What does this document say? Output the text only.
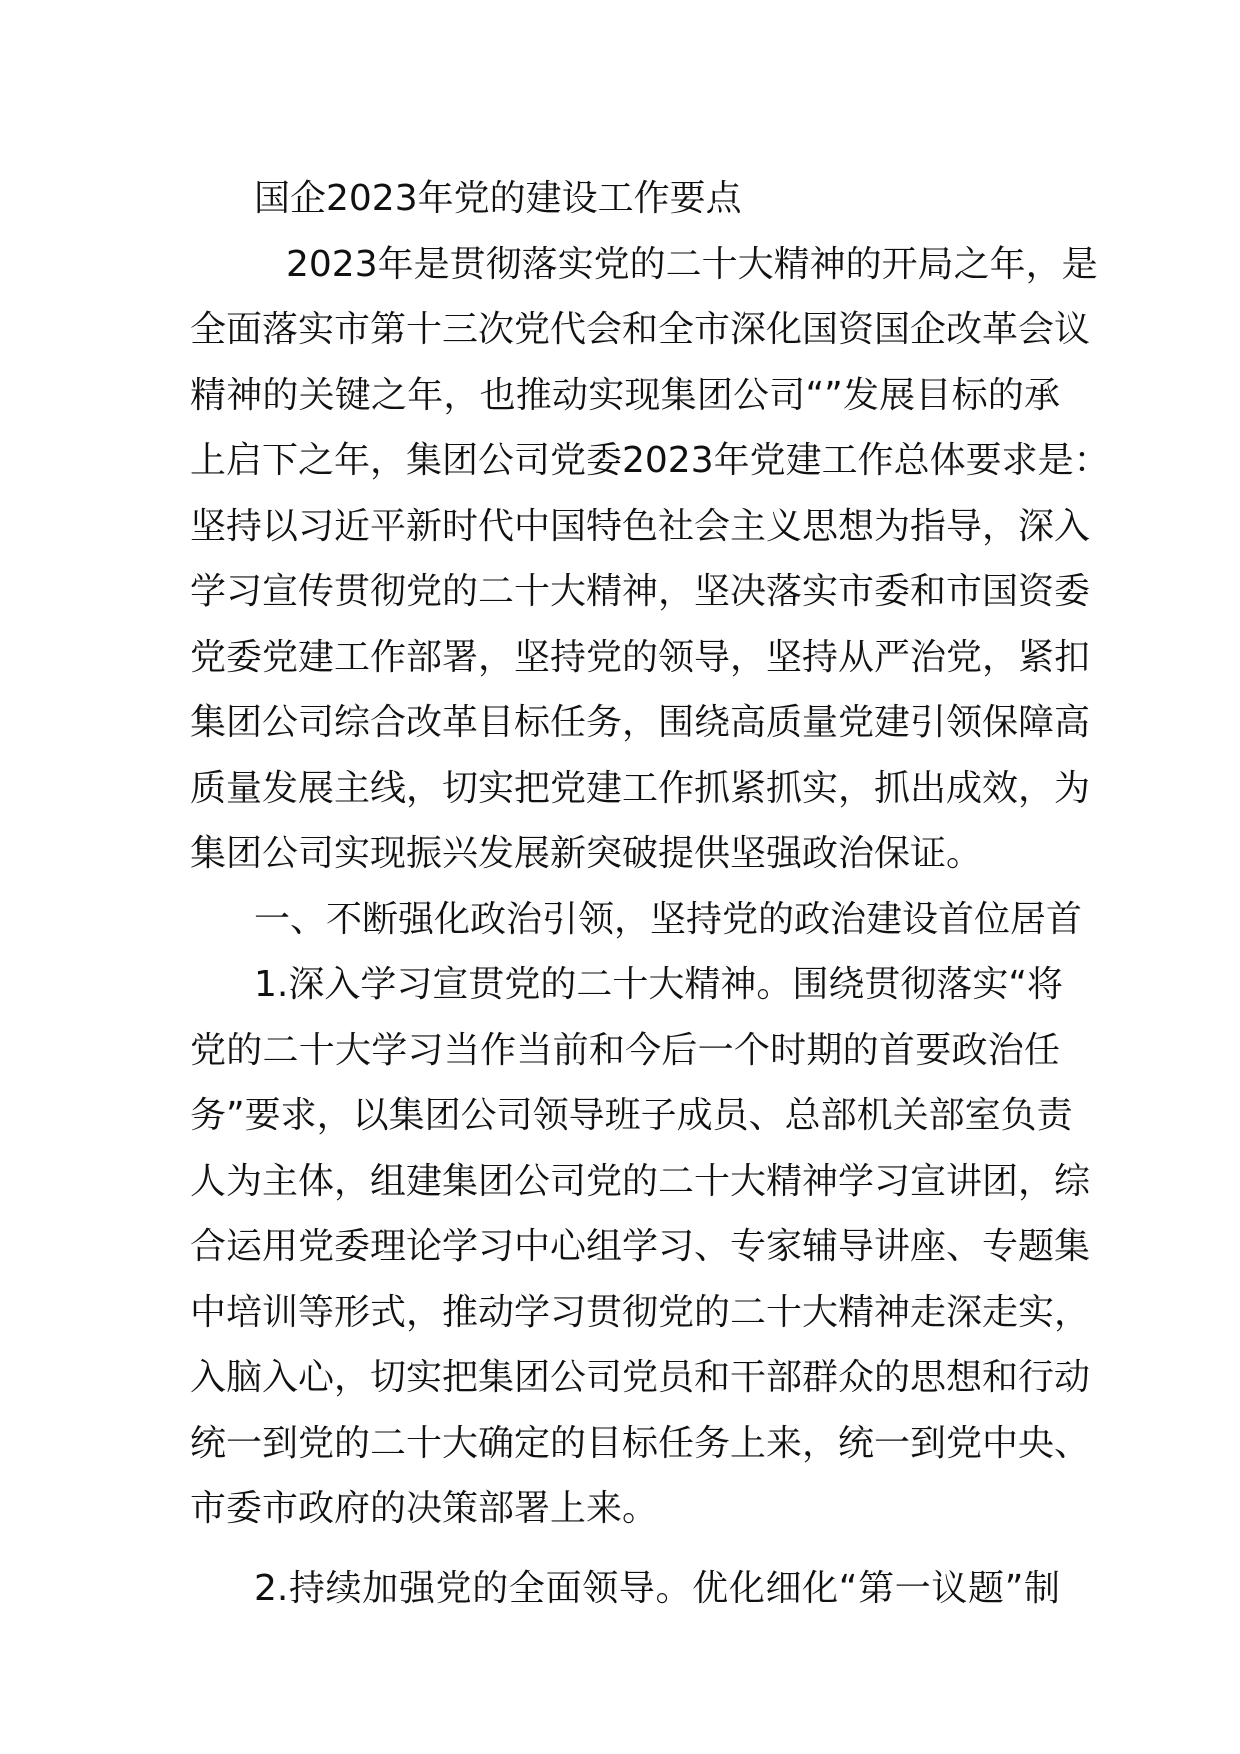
国企2023年党的建设工作要点
2023年是贯彻落实党的二十大精神的开局之年，是
全面落实市第十三次党代会和全市深化国资国企改革会议
精神的关键之年，也推动实现集团公司“”发展目标的承
上启下之年，集团公司党委2023年党建工作总体要求是：
坚持以习近平新时代中国特色社会主义思想为指导，深入
学习宣传贯彻党的二十大精神，坚决落实市委和市国资委
党委党建工作部署，坚持党的领导，坚持从严治党，紧扣
集团公司综合改革目标任务，围绕高质量党建引领保障高
质量发展主线，切实把党建工作抓紧抓实，抓出成效，为
集团公司实现振兴发展新突破提供坚强政治保证。
一、不断强化政治引领，坚持党的政治建设首位居首
1.深入学习宣贯党的二十大精神。围绕贯彻落实“将
党的二十大学习当作当前和今后一个时期的首要政治任
务”要求，以集团公司领导班子成员、总部机关部室负责
人为主体，组建集团公司党的二十大精神学习宣讲团，综
合运用党委理论学习中心组学习、专家辅导讲座、专题集
中培训等形式，推动学习贯彻党的二十大精神走深走实，
入脑入心，切实把集团公司党员和干部群众的思想和行动
统一到党的二十大确定的目标任务上来，统一到党中央、
市委市政府的决策部署上来。
2.持续加强党的全面领导。优化细化“第一议题”制
